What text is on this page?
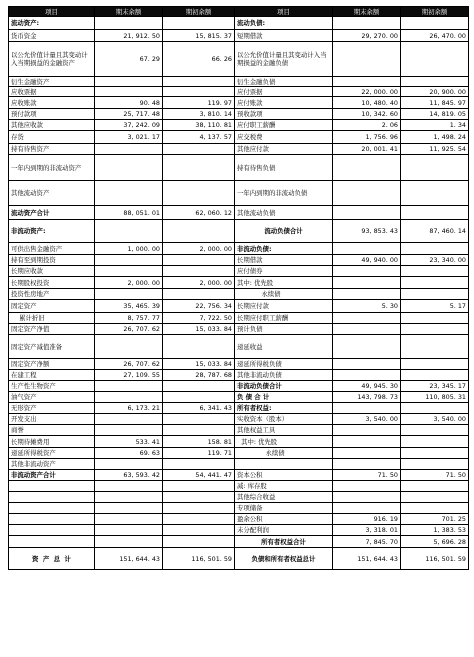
项目	期末余额	期初余额	项目	期末余额	期初余额
流动资产:			流动负债:		
货币资金	21, 912. 50	15, 815. 37	短期借款	29, 270. 00	26, 470. 00
以公允价值计量且其变动计入当期损益的金融资产	67. 29	66. 26	以公允价值计量且其变动计入当期损益的金融负债		
衍生金融资产			衍生金融负债		
应收票据			应付票据	22, 000. 00	20, 900. 00
应收账款	90. 48	119. 97	应付账款	10, 480. 40	11, 845. 97
预付款项	25, 717. 48	3, 810. 14	预收款项	10, 342. 60	14, 819. 05
其他应收款	37, 242. 09	38, 110. 81	应付职工薪酬	2. 06	1. 34
存货	3, 021. 17	4, 137. 57	应交税费	1, 756. 96	1, 498. 24
持有待售资产			其他应付款	20, 001. 41	11, 925. 54
一年内到期的非流动资产			持有待售负债		
其他流动资产			一年内到期的非流动负债		
流动资产合计	88, 051. 01	62, 060. 12	其他流动负债		
非流动资产:			流动负债合计	93, 853. 43	87, 460. 14
可供出售金融资产	1, 000. 00	2, 000. 00	非流动负债:		
持有至到期投资			长期借款	49, 940. 00	23, 340. 00
长期应收款			应付债券		
长期股权投资	2, 000. 00	2, 000. 00	其中: 优先股		
投资性房地产			永续债		
固定资产	35, 465. 39	22, 756. 34	长期应付款	5. 30	5. 17
累计折旧	8, 757. 77	7, 722. 50	长期应付职工薪酬		
固定资产净值	26, 707. 62	15, 033. 84	预计负债		
固定资产减值准备			递延收益		
固定资产净额	26, 707. 62	15, 033. 84	递延所得税负债		
在建工程	27, 109. 55	28, 787. 68	其他非流动负债		
生产性生物资产			非流动负债合计	49, 945. 30	23, 345. 17
油气资产			负 债 合 计	143, 798. 73	110, 805. 31
无形资产	6, 173. 21	6, 341. 43	所有者权益:		
开发支出			实收资本（股本）	3, 540. 00	3, 540. 00
商誉			其他权益工具		
长期待摊费用	533. 41	158. 81	其中: 优先股		
递延所得税资产	69. 63	119. 71	永续债		
其他非流动资产					
非流动资产合计	63, 593. 42	54, 441. 47	资本公积	71. 50	71. 50
			减: 库存股		
			其他综合收益		
			专项储备		
			盈余公积	916. 19	701. 25
			未分配利润	3, 318. 01	1, 383. 53
			所有者权益合计	7, 845. 70	5, 696. 28
资  产  总  计	151, 644. 43	116, 501. 59	负债和所有者权益总计	151, 644. 43	116, 501. 59
